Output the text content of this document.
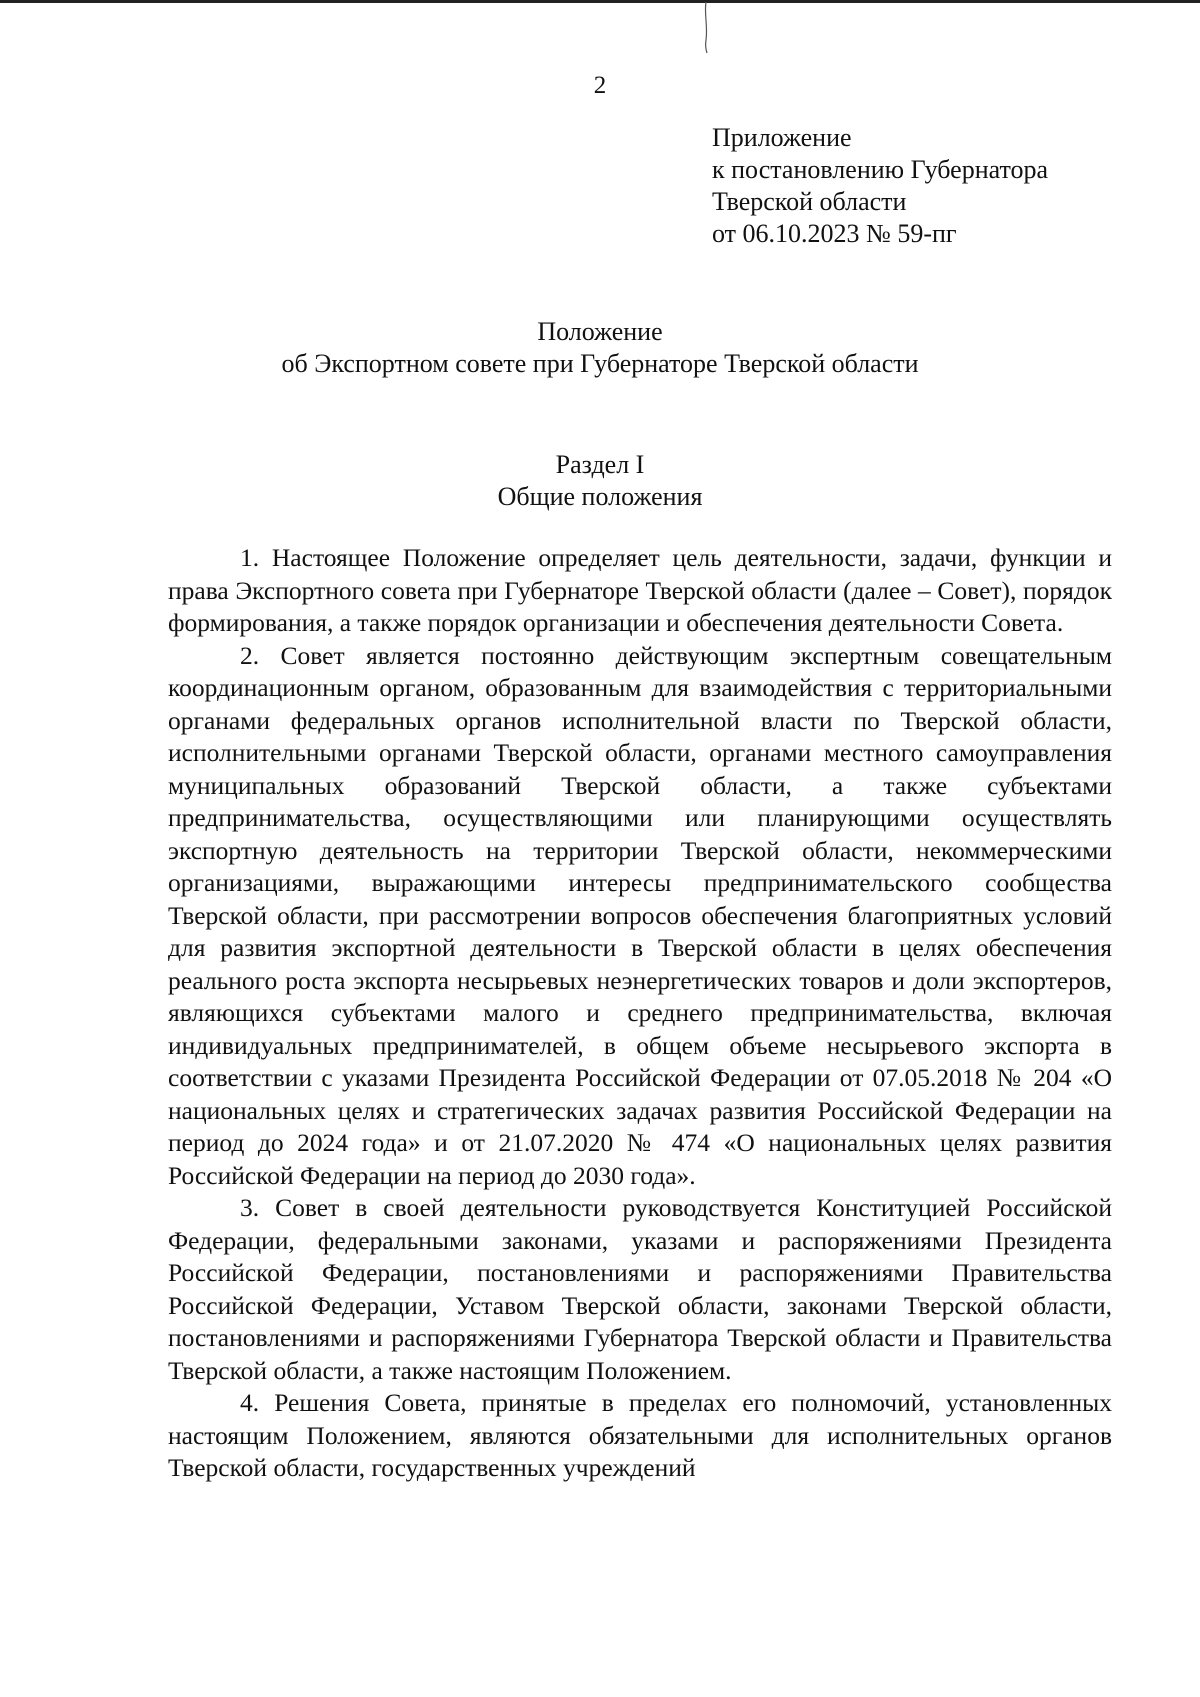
2
Приложение
к постановлению Губернатора
Тверской области
от 06.10.2023 № 59-пг
Положение
об Экспортном совете при Губернаторе Тверской области
Раздел I
Общие положения

1. Настоящее Положение определяет цель деятельности, задачи, функции и права Экспортного совета при Губернаторе Тверской области (далее – Совет), порядок формирования, а также порядок организации и обеспечения деятельности Совета.

2. Совет является постоянно действующим экспертным совещательным координационным органом, образованным для взаимодействия с территориальными органами федеральных органов исполнительной власти по Тверской области, исполнительными органами Тверской области, органами местного самоуправления муниципальных образований Тверской области, а также субъектами предпринимательства, осуществляющими или планирующими осуществлять экспортную деятельность на территории Тверской области, некоммерческими организациями, выражающими интересы предпринимательского сообщества Тверской области, при рассмотрении вопросов обеспечения благоприятных условий для развития экспортной деятельности в Тверской области в целях обеспечения реального роста экспорта несырьевых неэнергетических товаров и доли экспортеров, являющихся субъектами малого и среднего предпринимательства, включая индивидуальных предпринимателей, в общем объеме несырьевого экспорта в соответствии с указами Президента Российской Федерации от 07.05.2018 № 204 «О национальных целях и стратегических задачах развития Российской Федерации на период до 2024 года» и от 21.07.2020 № 474 «О национальных целях развития Российской Федерации на период до 2030 года».

3. Совет в своей деятельности руководствуется Конституцией Российской Федерации, федеральными законами, указами и распоряжениями Президента Российской Федерации, постановлениями и распоряжениями Правительства Российской Федерации, Уставом Тверской области, законами Тверской области, постановлениями и распоряжениями Губернатора Тверской области и Правительства Тверской области, а также настоящим Положением.

4. Решения Совета, принятые в пределах его полномочий, установленных настоящим Положением, являются обязательными для исполнительных органов Тверской области, государственных учреждений
